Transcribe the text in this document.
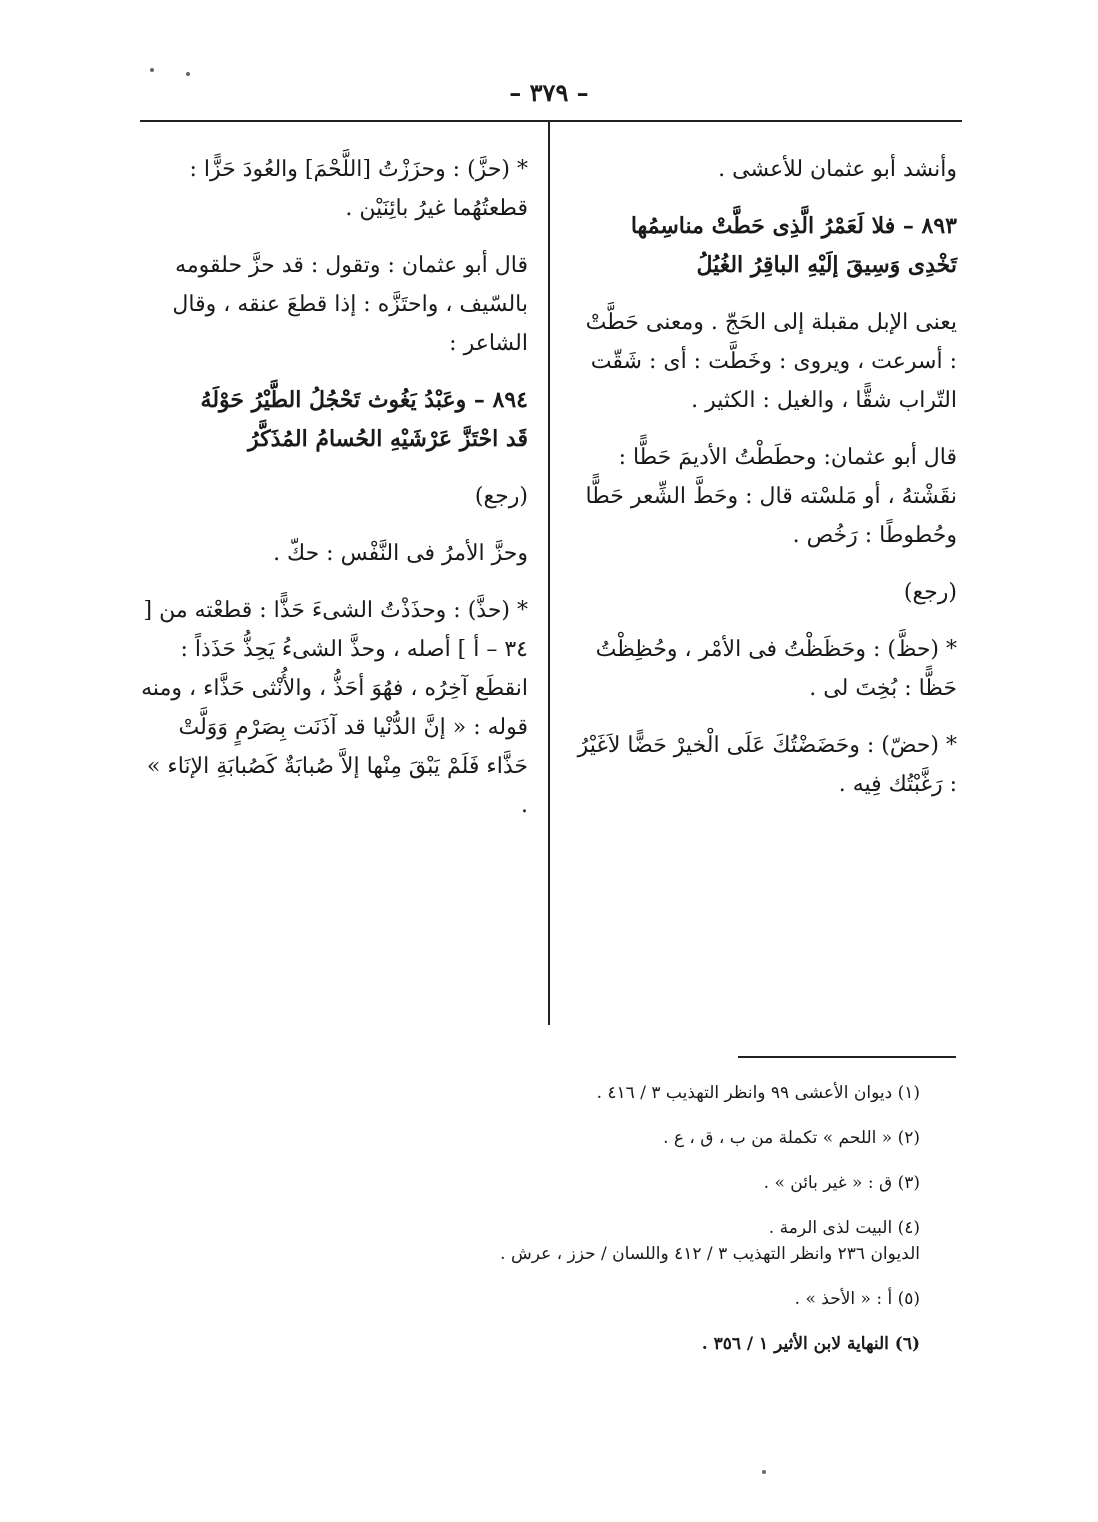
– ٣٧٩ –

وأنشد أبو عثمان للأعشى .

٨٩٣ – فلا لَعَمْرُ الَّذِى حَطَّتْ مناسِمُها
تَخْدِى وَسِيقَ إلَيْهِ الباقِرُ الغُيُلُ

يعنى الإبل مقبلة إلى الحَجّ . ومعنى حَطَّتْ : أسرعت ، ويروى : وخَطَّت : أى : شَقّت التّراب شقًّا ، والغيل : الكثير .

قال أبو عثمان: وحطَطْتُ الأديمَ حَطًّا : نقَشْتهُ ، أو مَلسْته قال : وحَطَّ الشِّعر حَطًّا وحُطوطًا : رَخُص .

(رجع)

* (حظَّ) : وحَظَظْتُ فى الأمْر ، وحُظِظْتُ حَظًّا : بُخِتَ لى .

* (حضّ) : وحَضَضْتُكَ عَلَى الْخيرْ حَضًّا لاَغَيْرُ : رَغَّبْتُك فِيه .

* (حزَّ) : وحزَزْتُ [اللَّحْمَ] والعُودَ حَزًّا : قطعتُهُما غيرُ بائِنَيْن .

قال أبو عثمان : وتقول : قد حزَّ حلقومه بالسّيف ، واحتَزَّه : إذا قطعَ عنقه ، وقال الشاعر :

٨٩٤ – وعَبْدُ يَغُوث تَحْجُلُ الطَّيْرُ حَوْلَهُ
قَد احْتَزَّ عَرْشَيْهِ الحُسامُ المُذَكَّرُ

(رجع)

وحزَّ الأمرُ فى النَّفْس : حكّ .

* (حذَّ) : وحذَذْتُ الشىءَ حَذًّا : قطعْته من [ ٣٤ – أ ] أصله ، وحذَّ الشىءُ يَحِذُّ حَذَذاً : انقطَع آخِرُه ، فهُوَ أحَذُّ ، والأُنْثى حَذَّاء ، ومنه قوله : « إنَّ الدُّنْيا قد آذَنَت بِصَرْمٍ وَوَلَّتْ حَذَّاء فَلَمْ يَبْقَ مِنْها إلاَّ صُبابَةٌ كَصُبابَةِ الإنَاء » .

(١) ديوان الأعشى ٩٩ وانظر التهذيب ٣ / ٤١٦ .
(٢) « اللحم » تكملة من ب ، ق ، ع .
(٣) ق : « غير بائن » .
(٤) البيت لذى الرمة .
الديوان ٢٣٦ وانظر التهذيب ٣ / ٤١٢ واللسان / حزز ، عرش .
(٥) أ : « الأحذ » .
(٦) النهاية لابن الأثير ١ / ٣٥٦ .
